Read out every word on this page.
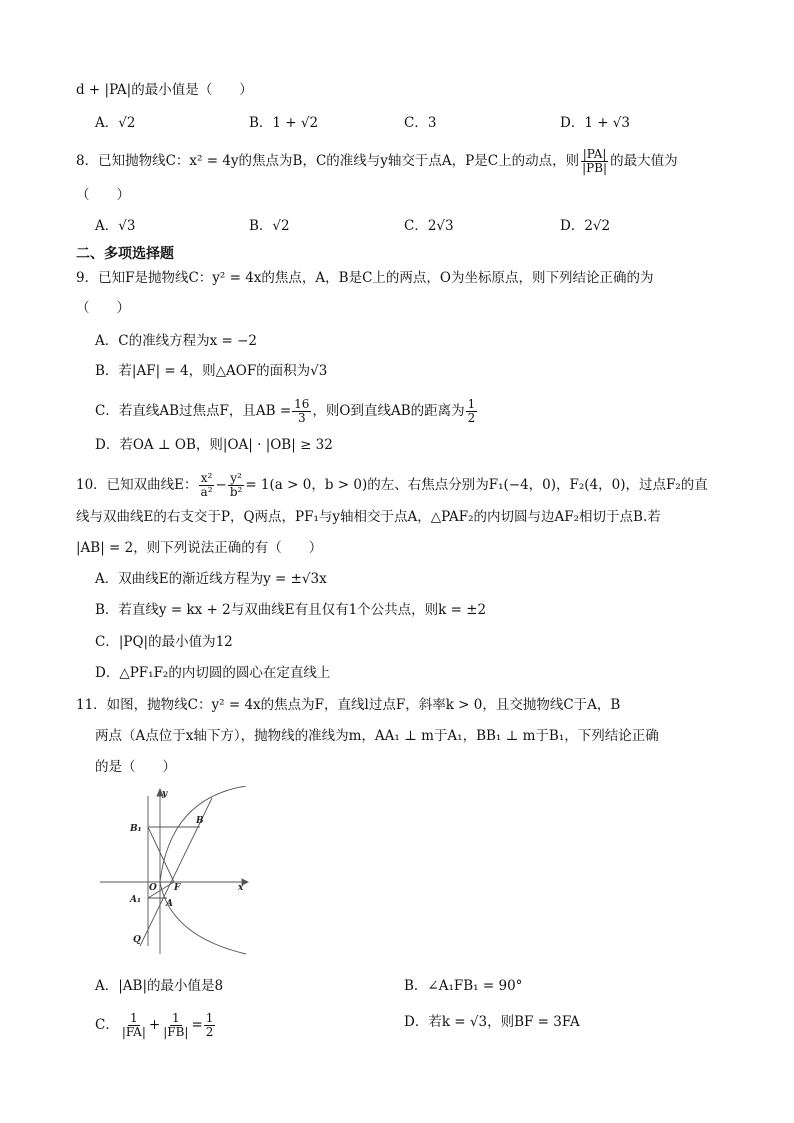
d + |PA|的最小值是（　　）
A．√2	B．1 + √2	C．3	D．1 + √3
8．已知抛物线C：x² = 4y的焦点为B，C的准线与y轴交于点A，P是C上的动点，则 $\frac{|PA|}{|PB|}$ 的最大值为
（　　）
A．√3	B．√2	C．2√3	D．2√2
二、多项选择题
9．已知F是抛物线C：y² = 4x的焦点，A，B是C上的两点，O为坐标原点，则下列结论正确的为
（　　）
A．C的准线方程为x = −2
B．若|AF| = 4，则△AOF的面积为√3
C．若直线AB过焦点F，且AB = $\frac{16}{3}$ ，则O到直线AB的距离为 $\frac{1}{2}$
D．若OA ⊥ OB，则|OA| · |OB| ≥ 32
10．已知双曲线E： $\frac{\text{x²}}{\text{a²}} - \frac{\text{y²}}{\text{b²}} = 1(a > 0$，b > 0)的左、右焦点分别为F₁(−4，0)，F₂(4，0)，过点F₂的直
线与双曲线E的右支交于P，Q两点，PF₁与y轴相交于点A，△PAF₂的内切圆与边AF₂相切于点B.若
|AB| = 2，则下列说法正确的有（　　）
A．双曲线E的渐近线方程为y = ±√3x
B．若直线y = kx + 2与双曲线E有且仅有1个公共点，则k = ±2
C．|PQ|的最小值为12
D．△PF₁F₂的内切圆的圆心在定直线上
11．如图，抛物线C：y² = 4x的焦点为F，直线l过点F，斜率k > 0，且交抛物线C于A，B
两点（A点位于x轴下方），抛物线的准线为m，AA₁ ⊥ m于A₁，BB₁ ⊥ m于B₁，下列结论正确
的是（　　）
y
x
B₁
B
O F
A₁	A
Q
A．|AB|的最小值是8	B．∠A₁FB₁ = 90°
C． $\frac{1}{|FA|} + \frac{1}{|FB|} = \frac{1}{2}$	D．若k = √3，则BF = 3FA
